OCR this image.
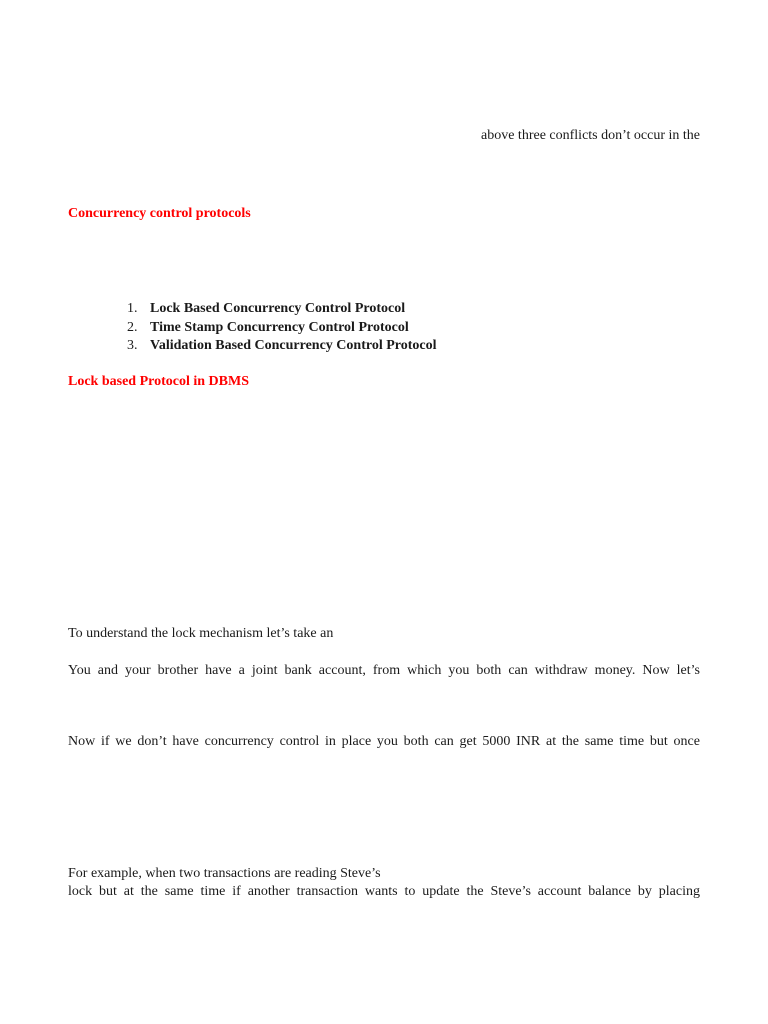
above three conflicts don’t occur in the
Concurrency control protocols
1. Lock Based Concurrency Control Protocol
2. Time Stamp Concurrency Control Protocol
3. Validation Based Concurrency Control Protocol
Lock based Protocol in DBMS
To understand the lock mechanism let’s take an
You and your brother have a joint bank account, from which you both can withdraw money. Now let’s
Now if we don’t have concurrency control in place you both can get 5000 INR at the same time but once
For example, when two transactions are reading Steve’s
lock but at the same time if another transaction wants to update the Steve’s account balance by placing
